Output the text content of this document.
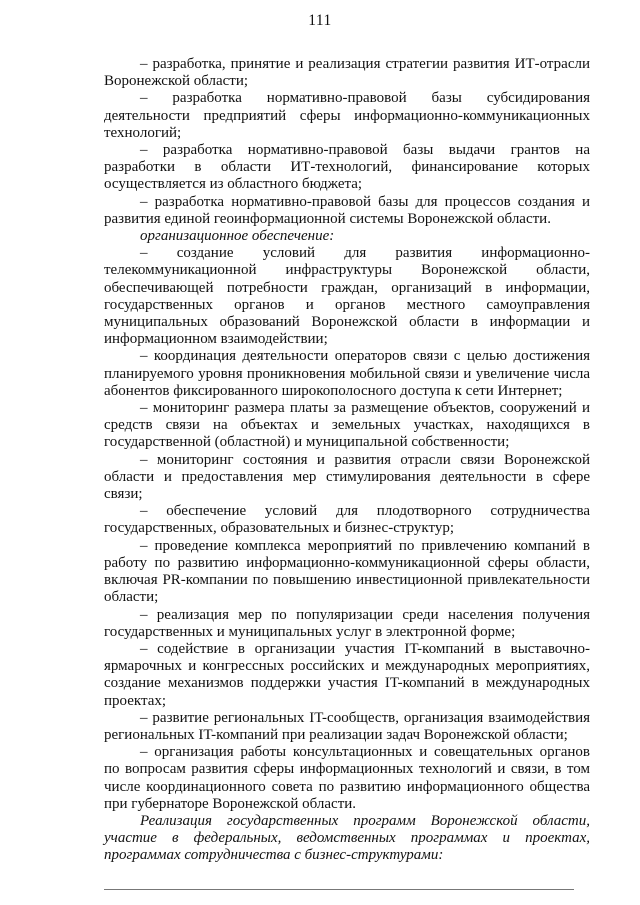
111

– разработка, принятие и реализация стратегии развития ИТ-отрасли Воронежской области;

– разработка нормативно-правовой базы субсидирования деятельности предприятий сферы информационно-коммуникационных технологий;

– разработка нормативно-правовой базы выдачи грантов на разработки в области ИТ-технологий, финансирование которых осуществляется из областного бюджета;

– разработка нормативно-правовой базы для процессов создания и развития единой геоинформационной системы Воронежской области.

организационное обеспечение:

– создание условий для развития информационно-телекоммуникационной инфраструктуры Воронежской области, обеспечивающей потребности граждан, организаций в информации, государственных органов и органов местного самоуправления муниципальных образований Воронежской области в информации и информационном взаимодействии;

– координация деятельности операторов связи с целью достижения планируемого уровня проникновения мобильной связи и увеличение числа абонентов фиксированного широкополосного доступа к сети Интернет;

– мониторинг размера платы за размещение объектов, сооружений и средств связи на объектах и земельных участках, находящихся в государственной (областной) и муниципальной собственности;

– мониторинг состояния и развития отрасли связи Воронежской области и предоставления мер стимулирования деятельности в сфере связи;

– обеспечение условий для плодотворного сотрудничества государственных, образовательных и бизнес-структур;

– проведение комплекса мероприятий по привлечению компаний в работу по развитию информационно-коммуникационной сферы области, включая PR-компании по повышению инвестиционной привлекательности области;

– реализация мер по популяризации среди населения получения государственных и муниципальных услуг в электронной форме;

– содействие в организации участия IT-компаний в выставочно-ярмарочных и конгрессных российских и международных мероприятиях, создание механизмов поддержки участия IT-компаний в международных проектах;

– развитие региональных IT-сообществ, организация взаимодействия региональных IT-компаний при реализации задач Воронежской области;

– организация работы консультационных и совещательных органов по вопросам развития сферы информационных технологий и связи, в том числе координационного совета по развитию информационного общества при губернаторе Воронежской области.

Реализация государственных программ Воронежской области, участие в федеральных, ведомственных программах и проектах, программах сотрудничества с бизнес-структурами:
